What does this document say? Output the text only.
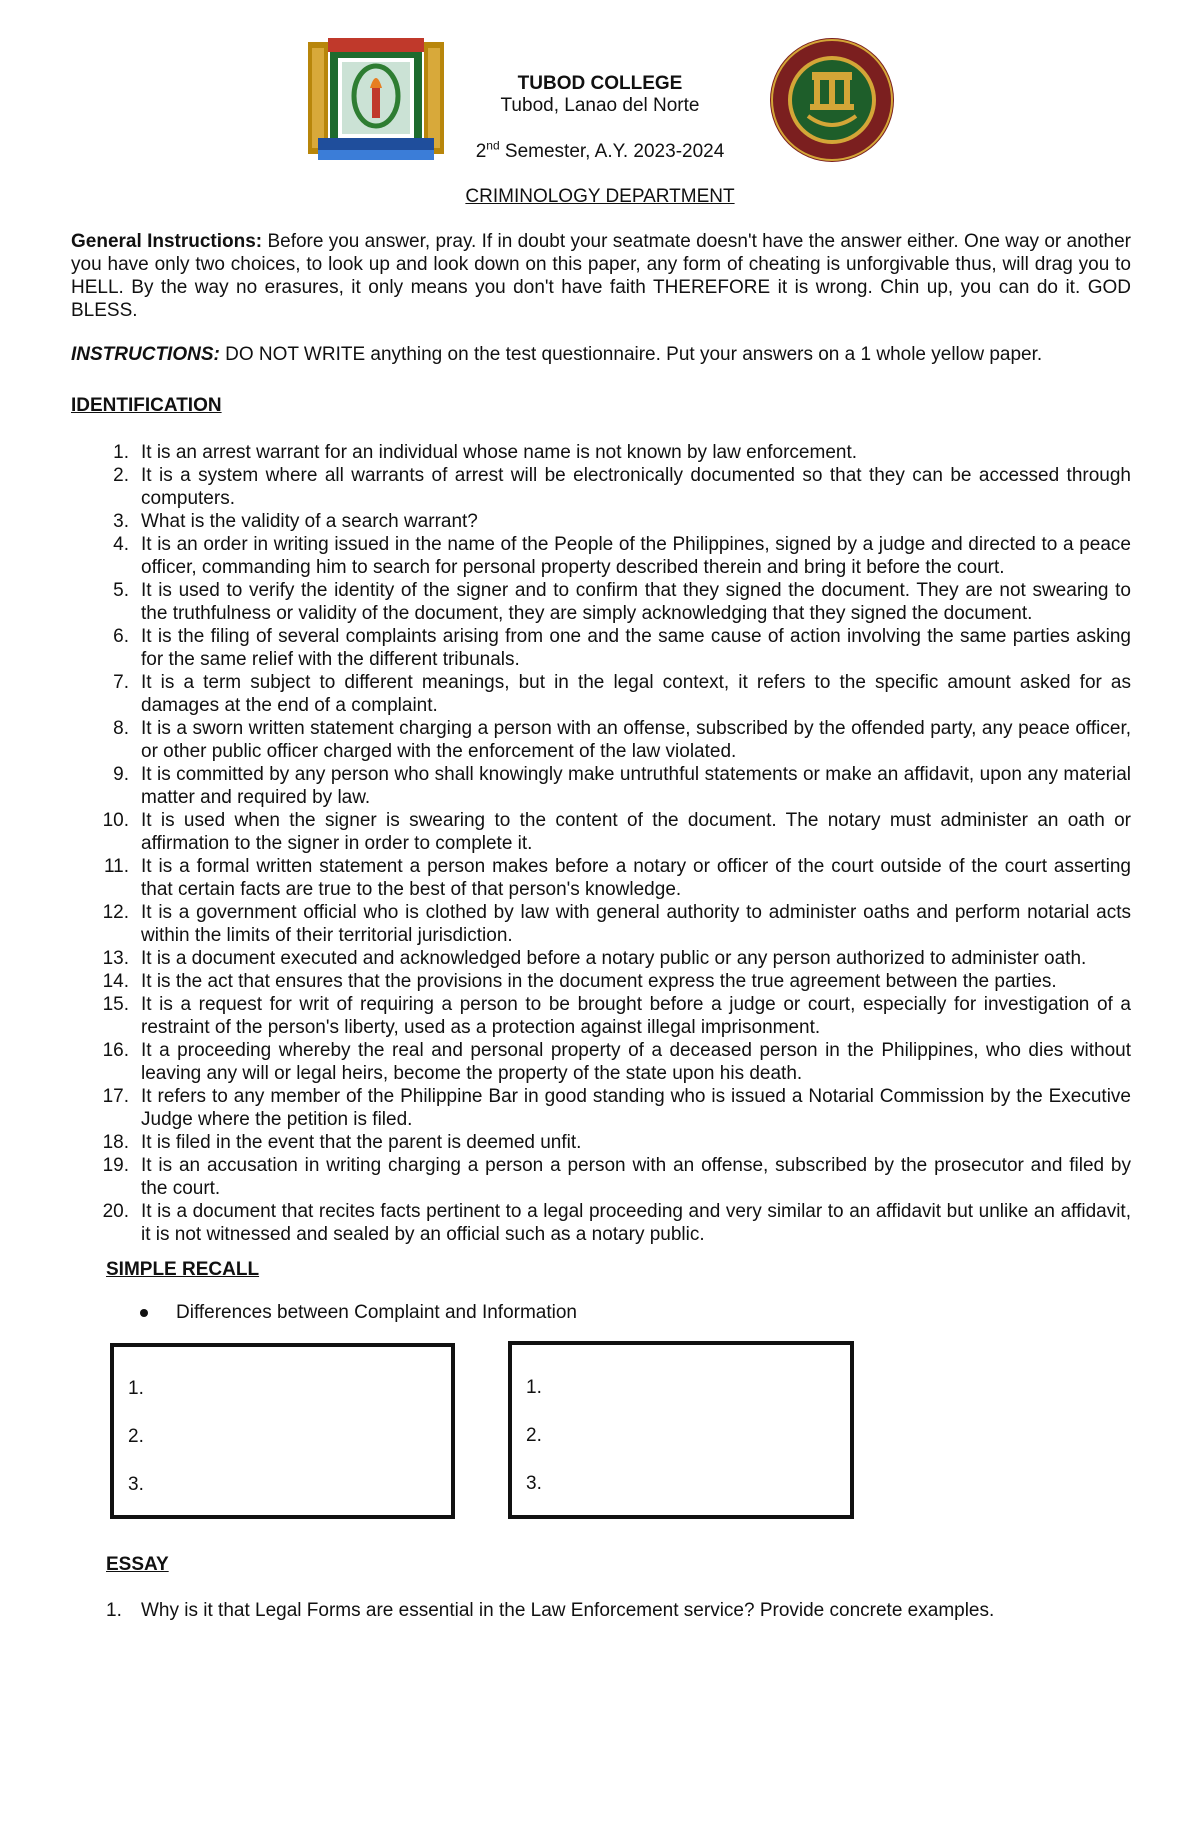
TUBOD COLLEGE
Tubod, Lanao del Norte
2nd Semester, A.Y. 2023-2024
CRIMINOLOGY DEPARTMENT
General Instructions: Before you answer, pray. If in doubt your seatmate doesn't have the answer either. One way or another you have only two choices, to look up and look down on this paper, any form of cheating is unforgivable thus, will drag you to HELL. By the way no erasures, it only means you don't have faith THEREFORE it is wrong. Chin up, you can do it. GOD BLESS.
INSTRUCTIONS: DO NOT WRITE anything on the test questionnaire. Put your answers on a 1 whole yellow paper.
IDENTIFICATION
1. It is an arrest warrant for an individual whose name is not known by law enforcement.
2. It is a system where all warrants of arrest will be electronically documented so that they can be accessed through computers.
3. What is the validity of a search warrant?
4. It is an order in writing issued in the name of the People of the Philippines, signed by a judge and directed to a peace officer, commanding him to search for personal property described therein and bring it before the court.
5. It is used to verify the identity of the signer and to confirm that they signed the document. They are not swearing to the truthfulness or validity of the document, they are simply acknowledging that they signed the document.
6. It is the filing of several complaints arising from one and the same cause of action involving the same parties asking for the same relief with the different tribunals.
7. It is a term subject to different meanings, but in the legal context, it refers to the specific amount asked for as damages at the end of a complaint.
8. It is a sworn written statement charging a person with an offense, subscribed by the offended party, any peace officer, or other public officer charged with the enforcement of the law violated.
9. It is committed by any person who shall knowingly make untruthful statements or make an affidavit, upon any material matter and required by law.
10. It is used when the signer is swearing to the content of the document. The notary must administer an oath or affirmation to the signer in order to complete it.
11. It is a formal written statement a person makes before a notary or officer of the court outside of the court asserting that certain facts are true to the best of that person's knowledge.
12. It is a government official who is clothed by law with general authority to administer oaths and perform notarial acts within the limits of their territorial jurisdiction.
13. It is a document executed and acknowledged before a notary public or any person authorized to administer oath.
14. It is the act that ensures that the provisions in the document express the true agreement between the parties.
15. It is a request for writ of requiring a person to be brought before a judge or court, especially for investigation of a restraint of the person's liberty, used as a protection against illegal imprisonment.
16. It a proceeding whereby the real and personal property of a deceased person in the Philippines, who dies without leaving any will or legal heirs, become the property of the state upon his death.
17. It refers to any member of the Philippine Bar in good standing who is issued a Notarial Commission by the Executive Judge where the petition is filed.
18. It is filed in the event that the parent is deemed unfit.
19. It is an accusation in writing charging a person a person with an offense, subscribed by the prosecutor and filed by the court.
20. It is a document that recites facts pertinent to a legal proceeding and very similar to an affidavit but unlike an affidavit, it is not witnessed and sealed by an official such as a notary public.
SIMPLE RECALL
Differences between Complaint and Information
1.
2.
3.
1.
2.
3.
ESSAY
1. Why is it that Legal Forms are essential in the Law Enforcement service? Provide concrete examples.
